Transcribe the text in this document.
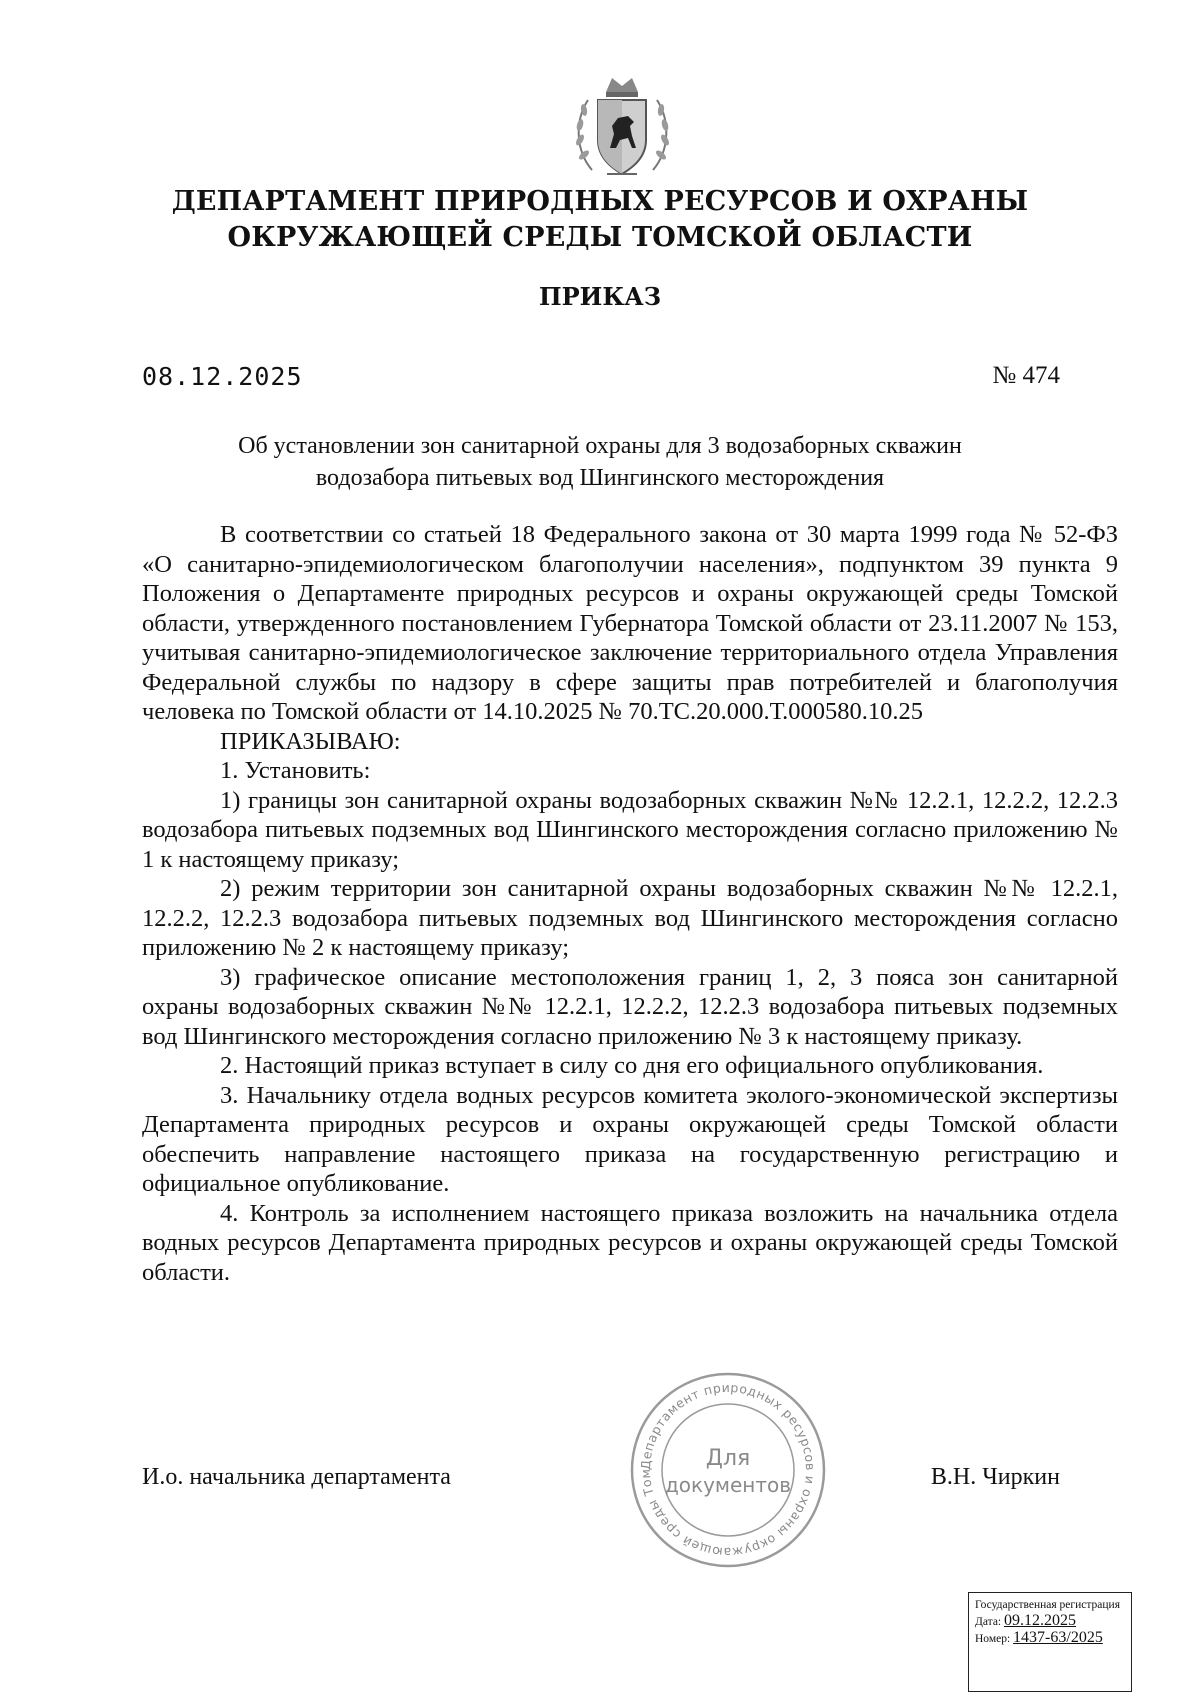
ДЕПАРТАМЕНТ ПРИРОДНЫХ РЕСУРСОВ И ОХРАНЫ
ОКРУЖАЮЩЕЙ СРЕДЫ ТОМСКОЙ ОБЛАСТИ
ПРИКАЗ
08.12.2025	№ 474
Об установлении зон санитарной охраны для 3 водозаборных скважин
водозабора питьевых вод Шингинского месторождения

В соответствии со статьей 18 Федерального закона от 30 марта 1999 года № 52-ФЗ «О санитарно-эпидемиологическом благополучии населения», подпунктом 39 пункта 9 Положения о Департаменте природных ресурсов и охраны окружающей среды Томской области, утвержденного постановлением Губернатора Томской области от 23.11.2007 № 153, учитывая санитарно-эпидемиологическое заключение территориального отдела Управления Федеральной службы по надзору в сфере защиты прав потребителей и благополучия человека по Томской области от 14.10.2025 № 70.ТС.20.000.Т.000580.10.25

ПРИКАЗЫВАЮ:

1. Установить:

1) границы зон санитарной охраны водозаборных скважин №№ 12.2.1, 12.2.2, 12.2.3 водозабора питьевых подземных вод Шингинского месторождения согласно приложению № 1 к настоящему приказу;

2) режим территории зон санитарной охраны водозаборных скважин №№ 12.2.1, 12.2.2, 12.2.3 водозабора питьевых подземных вод Шингинского месторождения согласно приложению № 2 к настоящему приказу;

3) графическое описание местоположения границ 1, 2, 3 пояса зон санитарной охраны водозаборных скважин №№ 12.2.1, 12.2.2, 12.2.3 водозабора питьевых подземных вод Шингинского месторождения согласно приложению № 3 к настоящему приказу.

2. Настоящий приказ вступает в силу со дня его официального опубликования.

3. Начальнику отдела водных ресурсов комитета эколого-экономической экспертизы Департамента природных ресурсов и охраны окружающей среды Томской области обеспечить направление настоящего приказа на государственную регистрацию и официальное опубликование.

4. Контроль за исполнением настоящего приказа возложить на начальника отдела водных ресурсов Департамента природных ресурсов и охраны окружающей среды Томской области.

И.о. начальника департамента	В.Н. Чиркин
Департамент природных ресурсов и охраны окружающей среды Том
Для
документов
Государственная регистрация
Дата: 09.12.2025
Номер: 1437-63/2025
